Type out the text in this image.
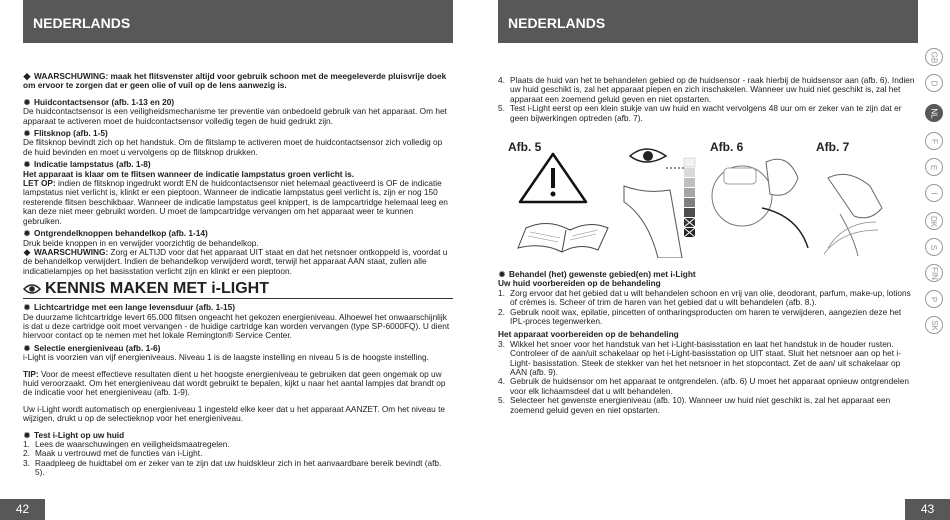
NEDERLANDS	NEDERLANDS
◆ WAARSCHUWING: maak het flitsvenster altijd voor gebruik schoon met de meegeleverde pluisvrije doek om ervoor te zorgen dat er geen olie of vuil op de lens aanwezig is.
✹ Huidcontactsensor (afb. 1-13 en 20)
De huidcontactsensor is een veiligheidsmechanisme ter preventie van onbedoeld gebruik van het apparaat. Om het apparaat te activeren moet de huidcontactsensor volledig tegen de huid gedrukt zijn.
✹ Flitsknop (afb. 1-5)
De flitsknop bevindt zich op het handstuk. Om de flitslamp te activeren moet de huidcontactsensor zich volledig op de huid bevinden en moet u vervolgens op de flitsknop drukken.
✹ Indicatie lampstatus (afb. 1-8)
Het apparaat is klaar om te flitsen wanneer de indicatie lampstatus groen verlicht is.
LET OP: indien de flitsknop ingedrukt wordt EN de huidcontactsensor niet helemaal geactiveerd is OF de indicatie lampstatus niet verlicht is, klinkt er een pieptoon. Wanneer de indicatie lampstatus geel verlicht is, zijn er nog 150 resterende flitsen beschikbaar. Wanneer de indicatie lampstatus geel knippert, is de lampcartridge helemaal leeg en kan deze niet meer gebruikt worden. U moet de lampcartridge vervangen om het apparaat weer te kunnen gebruiken.
✹ Ontgrendelknoppen behandelkop (afb. 1-14)
Druk beide knoppen in en verwijder voorzichtig de behandelkop.
◆ WAARSCHUWING: Zorg er ALTIJD voor dat het apparaat UIT staat en dat het netsnoer ontkoppeld is, voordat u de behandelkop verwijdert. Indien de behandelkop verwijderd wordt, terwijl het apparaat AAN staat, zullen alle indicatielampjes op het basisstation verlicht zijn en klinkt er een pieptoon.
KENNIS MAKEN MET i-LIGHT
✹ Lichtcartridge met een lange levensduur (afb. 1-15)
De duurzame lichtcartridge levert 65.000 flitsen ongeacht het gekozen energieniveau. Alhoewel het onwaarschijnlijk is dat u deze cartridge ooit moet vervangen - de huidige cartridge kan worden vervangen (type SP-6000FQ). U dient hiervoor contact op te nemen met het lokale Remington® Service Center.
✹ Selectie energieniveau (afb. 1-6)
i-Light is voorzien van vijf energieniveaus. Niveau 1 is de laagste instelling en niveau 5 is de hoogste instelling.
TIP: Voor de meest effectieve resultaten dient u het hoogste energieniveau te gebruiken dat geen ongemak op uw huid veroorzaakt. Om het energieniveau dat wordt gebruikt te bepalen, kijkt u naar het aantal lampjes dat brandt op de indicatie voor het energieniveau (afb. 1-9).
Uw i-Light wordt automatisch op energieniveau 1 ingesteld elke keer dat u het apparaat AANZET. Om het niveau te wijzigen, drukt u op de selectieknop voor het energieniveau.
✹ Test i-Light op uw huid
1. Lees de waarschuwingen en veiligheidsmaatregelen.
2. Maak u vertrouwd met de functies van i-Light.
3. Raadpleeg de huidtabel om er zeker van te zijn dat uw huidskleur zich in het aanvaardbare bereik bevindt (afb. 5).
4. Plaats de huid van het te behandelen gebied op de huidsensor - raak hierbij de huidsensor aan (afb. 6). Indien uw huid geschikt is, zal het apparaat piepen en zich inschakelen. Wanneer uw huid niet geschikt is, zal het apparaat een zoemend geluid geven en niet opstarten.
5. Test i-Light eerst op een klein stukje van uw huid en wacht vervolgens 48 uur om er zeker van te zijn dat er geen bijwerkingen optreden (afb. 7).
Afb. 5	Afb. 6	Afb. 7
✹ Behandel (het) gewenste gebied(en) met i-Light
Uw huid voorbereiden op de behandeling
1. Zorg ervoor dat het gebied dat u wilt behandelen schoon en vrij van olie, deodorant, parfum, make-up, lotions of crèmes is. Scheer of trim de haren van het gebied dat u wilt behandelen (afb. 8.).
2. Gebruik nooit wax, epilatie, pincetten of ontharingsproducten om haren te verwijderen, aangezien deze het IPL-proces tegenwerken.
Het apparaat voorbereiden op de behandeling
3. Wikkel het snoer voor het handstuk van het i-Light-basisstation en laat het handstuk in de houder rusten. Controleer of de aan/uit schakelaar op het i-Light-basisstation op UIT staat. Sluit het netsnoer aan op het i-Light- basisstation. Steek de stekker van het het netsnoer in het stopcontact. Zet de aan/ uit schakelaar op AAN (afb. 9).
4. Gebruik de huidsensor om het apparaat te ontgrendelen. (afb. 6) U moet het apparaat opnieuw ontgrendelen voor elk lichaamsdeel dat u wilt behandelen.
5. Selecteer het gewenste energieniveau (afb. 10). Wanneer uw huid niet geschikt is, zal het apparaat een zoemend geluid geven en niet opstarten.
GB
D
NL
F
E
I
DK
S
FIN
P
SK
42	43
